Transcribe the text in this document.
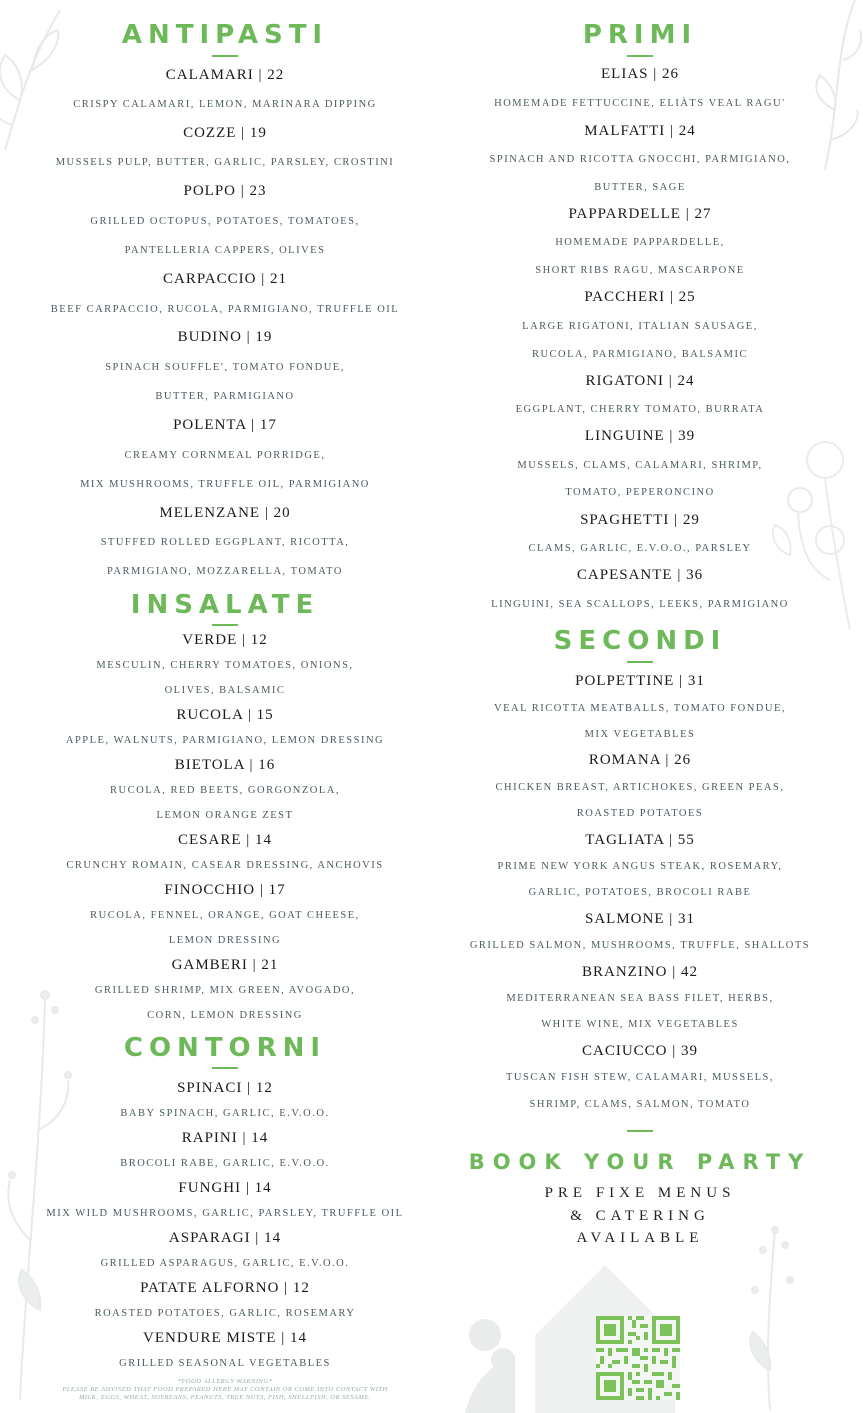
ANTIPASTI
CALAMARI | 22
CRISPY CALAMARI, LEMON, MARINARA DIPPING
COZZE | 19
MUSSELS PULP, BUTTER, GARLIC, PARSLEY, CROSTINI
POLPO | 23
GRILLED OCTOPUS, POTATOES, TOMATOES,
PANTELLERIA CAPPERS, OLIVES
CARPACCIO | 21
BEEF CARPACCIO, RUCOLA, PARMIGIANO, TRUFFLE OIL
BUDINO | 19
SPINACH SOUFFLE′, TOMATO FONDUE,
BUTTER, PARMIGIANO
POLENTA | 17
CREAMY CORNMEAL PORRIDGE,
MIX MUSHROOMS, TRUFFLE OIL, PARMIGIANO
MELENZANE | 20
STUFFED ROLLED EGGPLANT, RICOTTA,
PARMIGIANO, MOZZARELLA, TOMATO
INSALATE
VERDE | 12
MESCULIN, CHERRY TOMATOES, ONIONS,
OLIVES, BALSAMIC
RUCOLA | 15
APPLE, WALNUTS, PARMIGIANO, LEMON DRESSING
BIETOLA | 16
RUCOLA, RED BEETS, GORGONZOLA,
LEMON ORANGE ZEST
CESARE | 14
CRUNCHY ROMAIN, CASEAR DRESSING, ANCHOVIS
FINOCCHIO | 17
RUCOLA, FENNEL, ORANGE, GOAT CHEESE,
LEMON DRESSING
GAMBERI | 21
GRILLED SHRIMP, MIX GREEN, AVOGADO,
CORN, LEMON DRESSING
CONTORNI
SPINACI | 12
BABY SPINACH, GARLIC, E.V.O.O.
RAPINI | 14
BROCOLI RABE, GARLIC, E.V.O.O.
FUNGHI | 14
MIX WILD MUSHROOMS, GARLIC, PARSLEY, TRUFFLE OIL
ASPARAGI | 14
GRILLED ASPARAGUS, GARLIC, E.V.O.O.
PATATE ALFORNO | 12
ROASTED POTATOES, GARLIC, ROSEMARY
VENDURE MISTE | 14
GRILLED SEASONAL VEGETABLES
*FOOD ALLERGY WARNING*
PLEASE BE ADVISED THAT FOOD PREPARED HERE MAY CONTAIN OR COME INTO CONTACT WITH
MILK, EGGS, WHEAT, SOYBEANS, PEANUTS, TREE NUTS, FISH, SHELLFISH, OR SESAME.
PRIMI
ELIAS | 26
HOMEMADE FETTUCCINE, ELIÀTS VEAL RAGU′
MALFATTI | 24
SPINACH AND RICOTTA GNOCCHI, PARMIGIANO,
BUTTER, SAGE
PAPPARDELLE | 27
HOMEMADE PAPPARDELLE,
SHORT RIBS RAGU, MASCARPONE
PACCHERI | 25
LARGE RIGATONI, ITALIAN SAUSAGE,
RUCOLA, PARMIGIANO, BALSAMIC
RIGATONI | 24
EGGPLANT, CHERRY TOMATO, BURRATA
LINGUINE | 39
MUSSELS, CLAMS, CALAMARI, SHRIMP,
TOMATO, PEPERONCINO
SPAGHETTI | 29
CLAMS, GARLIC, E.V.O.O., PARSLEY
CAPESANTE | 36
LINGUINI, SEA SCALLOPS, LEEKS, PARMIGIANO
SECONDI
POLPETTINE | 31
VEAL RICOTTA MEATBALLS, TOMATO FONDUE,
MIX VEGETABLES
ROMANA | 26
CHICKEN BREAST, ARTICHOKES, GREEN PEAS,
ROASTED POTATOES
TAGLIATA | 55
PRIME NEW YORK ANGUS STEAK, ROSEMARY,
GARLIC, POTATOES, BROCOLI RABE
SALMONE | 31
GRILLED SALMON, MUSHROOMS, TRUFFLE, SHALLOTS
BRANZINO | 42
MEDITERRANEAN SEA BASS FILET, HERBS,
WHITE WINE, MIX VEGETABLES
CACIUCCO | 39
TUSCAN FISH STEW, CALAMARI, MUSSELS,
SHRIMP, CLAMS, SALMON, TOMATO
BOOK YOUR PARTY
PRE FIXE MENUS
& CATERING
AVAILABLE
